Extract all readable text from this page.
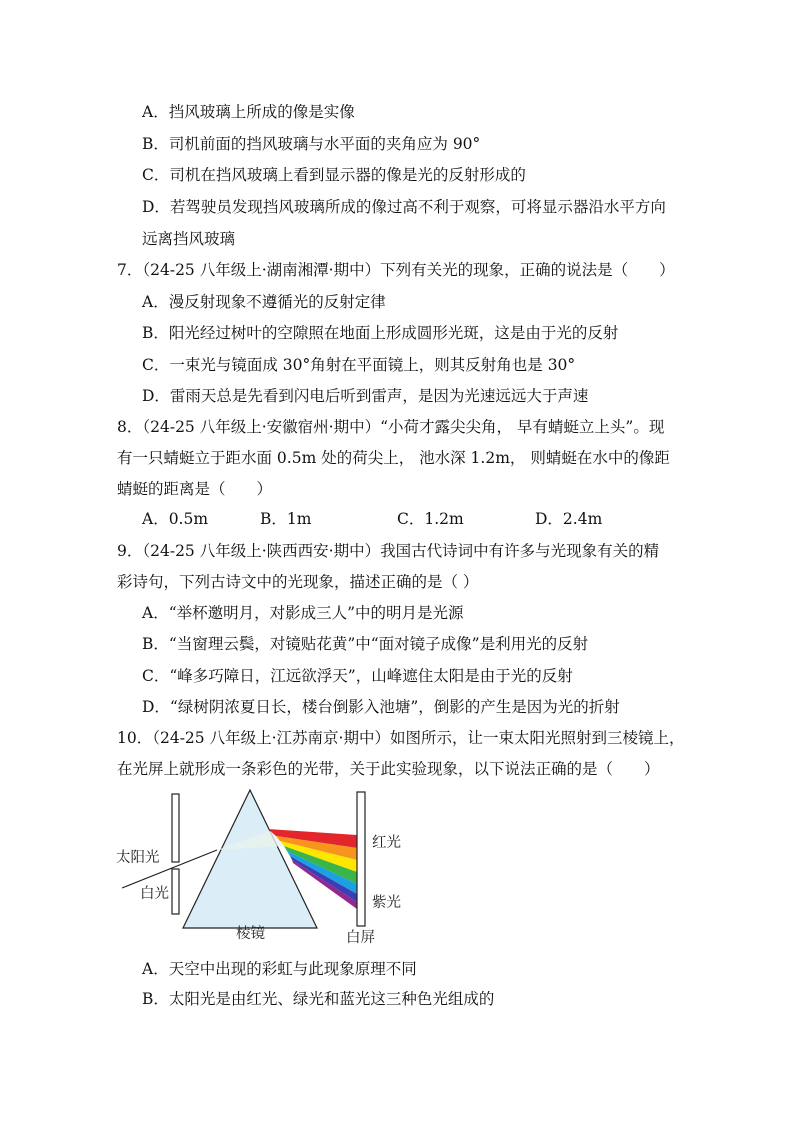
A．挡风玻璃上所成的像是实像
B．司机前面的挡风玻璃与水平面的夹角应为 90°
C．司机在挡风玻璃上看到显示器的像是光的反射形成的
D．若驾驶员发现挡风玻璃所成的像过高不利于观察，可将显示器沿水平方向
远离挡风玻璃
7．（24-25 八年级上·湖南湘潭·期中）下列有关光的现象，正确的说法是（　　）
A．漫反射现象不遵循光的反射定律
B．阳光经过树叶的空隙照在地面上形成圆形光斑，这是由于光的反射
C．一束光与镜面成 30°角射在平面镜上，则其反射角也是 30°
D．雷雨天总是先看到闪电后听到雷声，是因为光速远远大于声速
8．（24-25 八年级上·安徽宿州·期中）“小荷才露尖尖角， 早有蜻蜓立上头”。现
有一只蜻蜓立于距水面 0.5m 处的荷尖上， 池水深 1.2m， 则蜻蜓在水中的像距
蜻蜓的距离是（　　）
A．0.5m	B．1m	C．1.2m	D．2.4m
9．（24-25 八年级上·陕西西安·期中）我国古代诗词中有许多与光现象有关的精
彩诗句，下列古诗文中的光现象，描述正确的是（ ）
A．“举杯邀明月，对影成三人”中的明月是光源
B．“当窗理云鬓，对镜贴花黄”中“面对镜子成像”是利用光的反射
C．“峰多巧障日，江远欲浮天”，山峰遮住太阳是由于光的反射
D．“绿树阴浓夏日长，楼台倒影入池塘”，倒影的产生是因为光的折射
10．（24-25 八年级上·江苏南京·期中）如图所示，让一束太阳光照射到三棱镜上，
在光屏上就形成一条彩色的光带，关于此实验现象，以下说法正确的是（　　）
太阳光
白光
棱镜
红光
紫光
白屏
A．天空中出现的彩虹与此现象原理不同
B．太阳光是由红光、绿光和蓝光这三种色光组成的
